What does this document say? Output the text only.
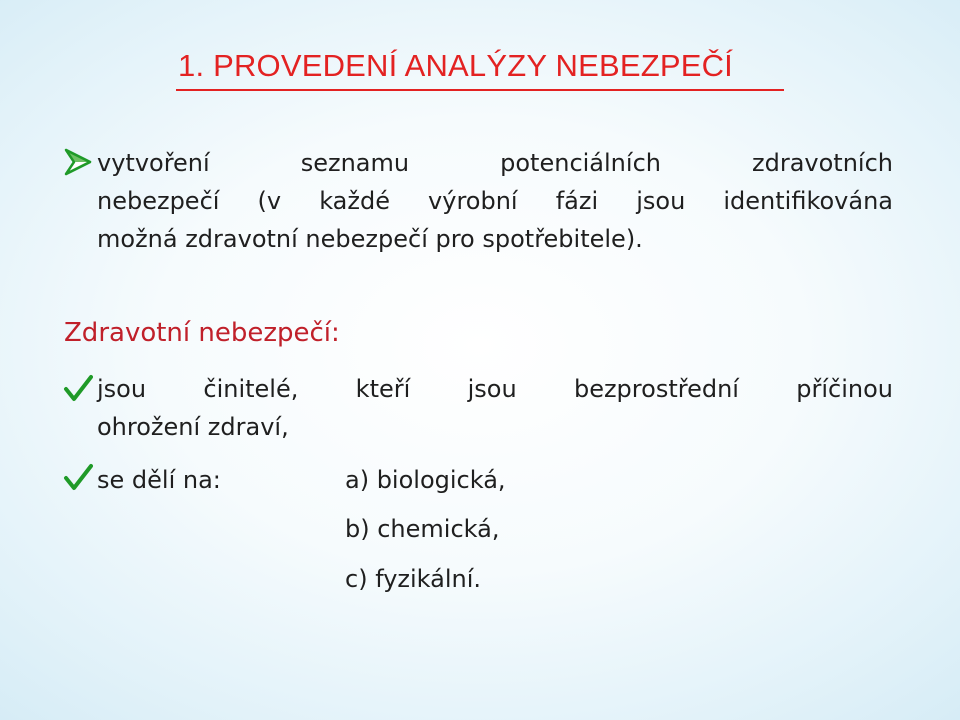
1. PROVEDENÍ ANALÝZY NEBEZPEČÍ
vytvoření seznamu potenciálních zdravotních
nebezpečí (v každé výrobní fázi jsou identifikována
možná zdravotní nebezpečí pro spotřebitele).
Zdravotní nebezpečí:
jsou činitelé, kteří jsou bezprostřední příčinou
ohrožení zdraví,
se dělí na:	a) biologická,
b) chemická,
c) fyzikální.
